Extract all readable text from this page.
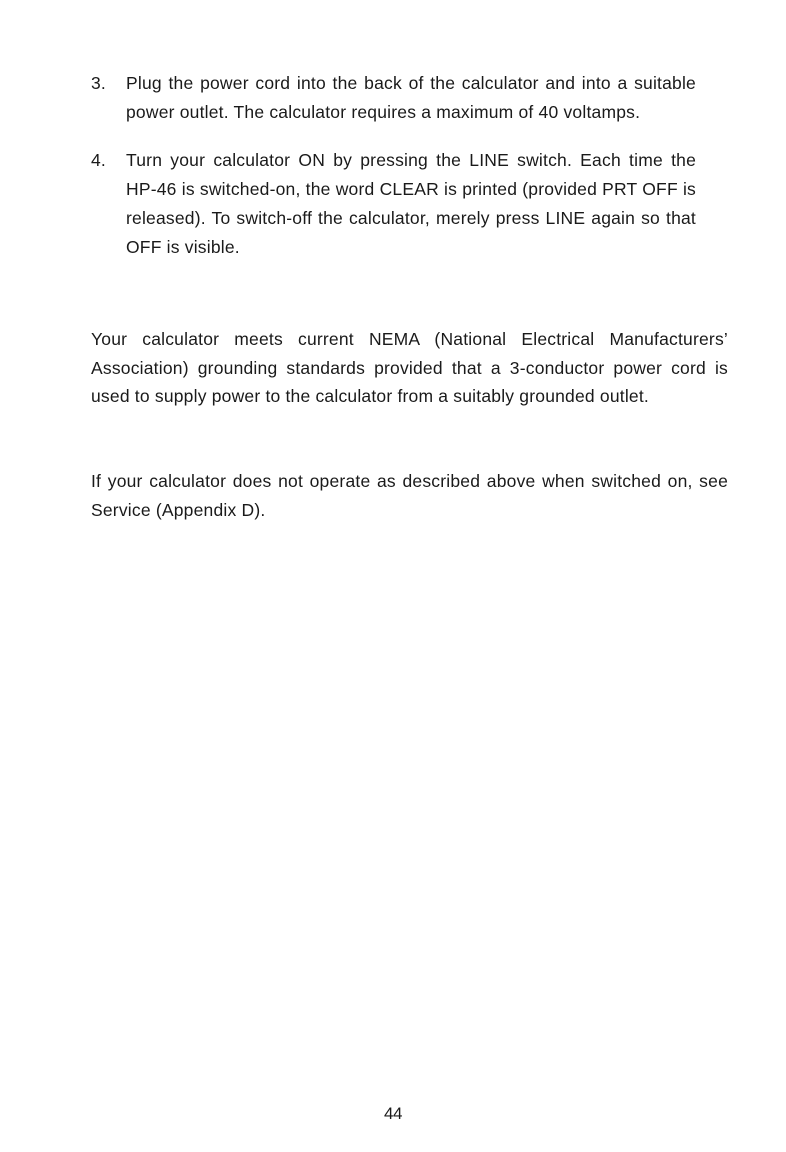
3. Plug the power cord into the back of the calculator and into a suitable power outlet. The calculator requires a maximum of 40 voltamps.
4. Turn your calculator ON by pressing the LINE switch. Each time the HP-46 is switched-on, the word CLEAR is printed (provided PRT OFF is released). To switch-off the calculator, merely press LINE again so that OFF is visible.

Your calculator meets current NEMA (National Electrical Manufacturers’ Association) grounding standards provided that a 3-conductor power cord is used to supply power to the calculator from a suitably grounded outlet.

If your calculator does not operate as described above when switched on, see Service (Appendix D).

44
